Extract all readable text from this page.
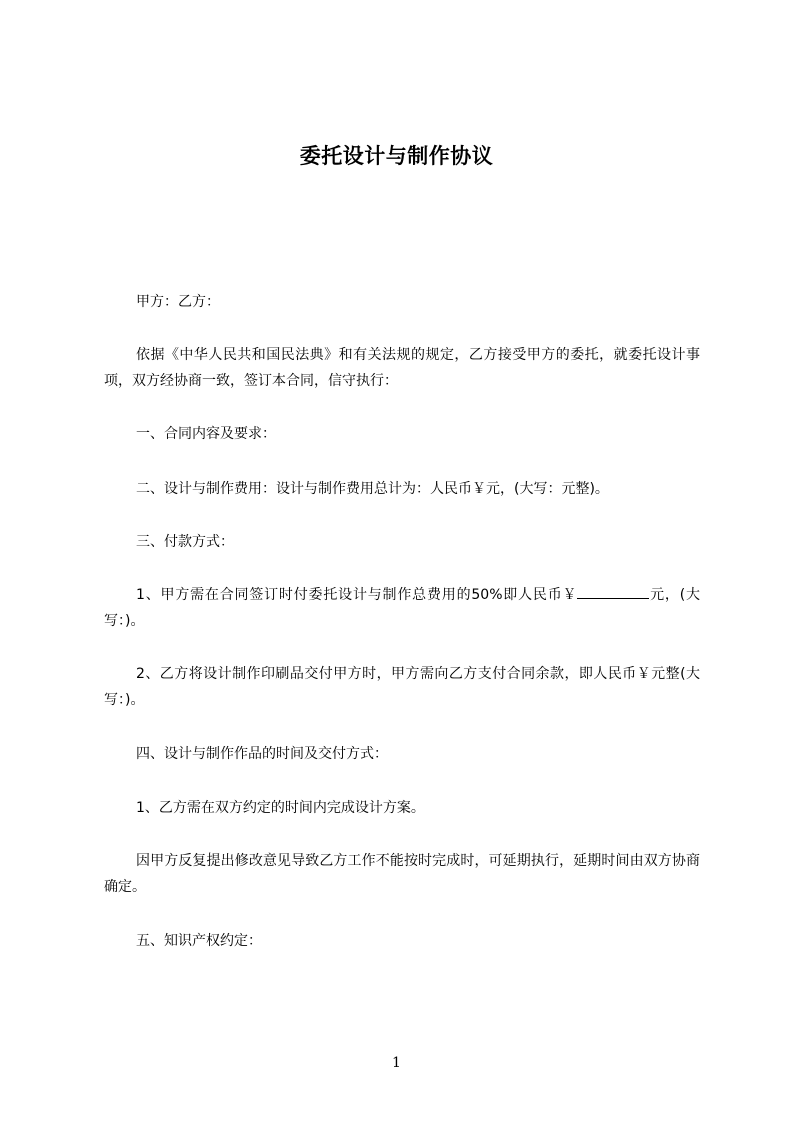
委托设计与制作协议
甲方：乙方：
依据《中华人民共和国民法典》和有关法规的规定，乙方接受甲方的委托，就委托设计事项，双方经协商一致，签订本合同，信守执行：
一、合同内容及要求：
二、设计与制作费用：设计与制作费用总计为：人民币￥元，(大写：元整)。
三、付款方式：
1、甲方需在合同签订时付委托设计与制作总费用的50%即人民币￥	元，(大写：)。
2、乙方将设计制作印刷品交付甲方时，甲方需向乙方支付合同余款，即人民币￥元整(大写：)。
四、设计与制作作品的时间及交付方式：
1、乙方需在双方约定的时间内完成设计方案。
因甲方反复提出修改意见导致乙方工作不能按时完成时，可延期执行，延期时间由双方协商确定。
五、知识产权约定：
1
